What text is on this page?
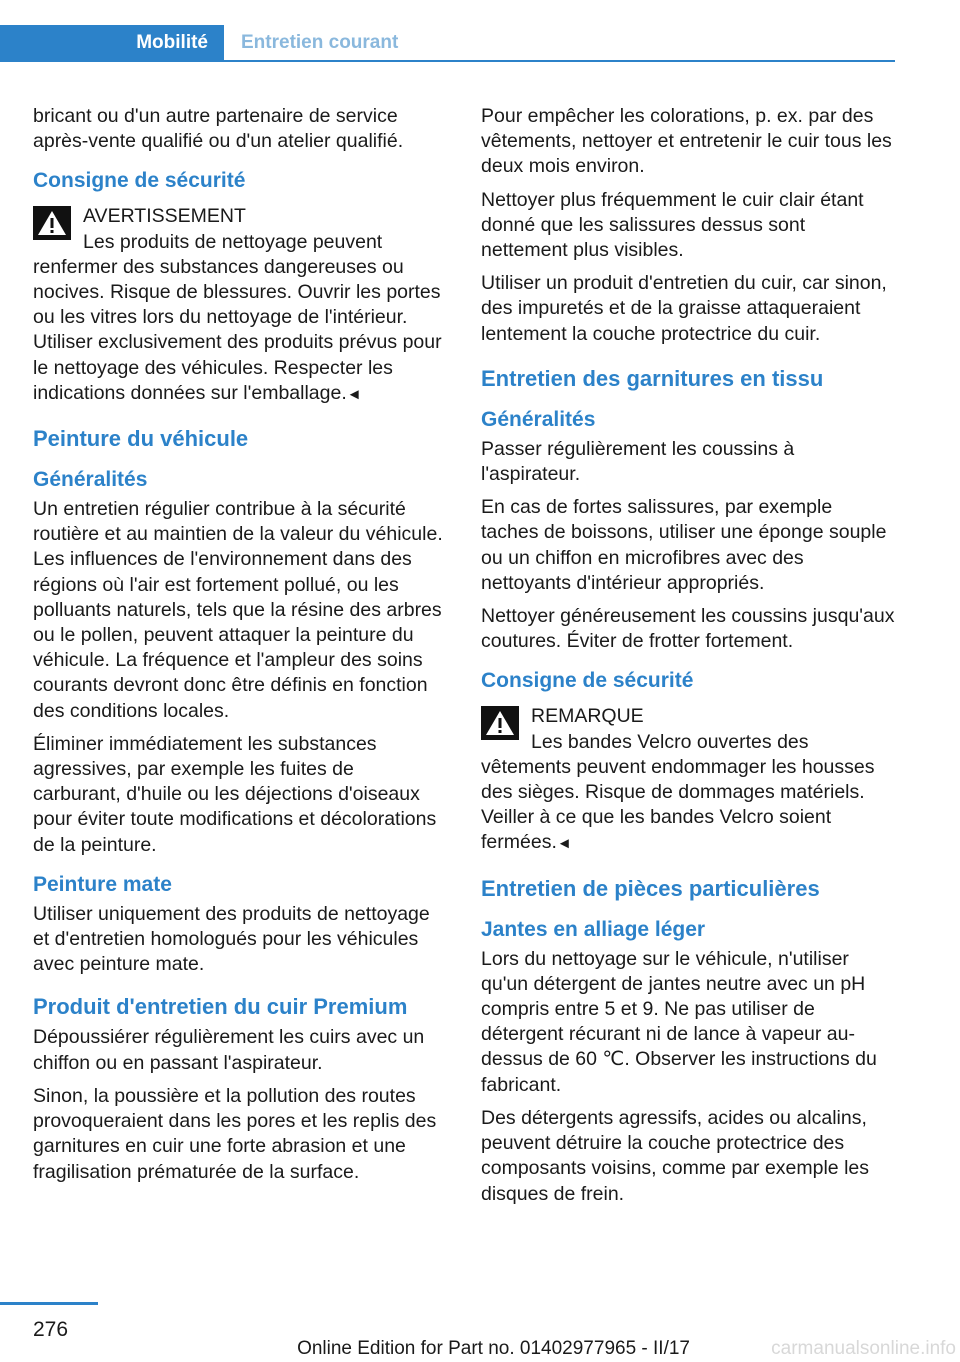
Mobilité	Entretien courant

bricant ou d'un autre partenaire de service après-vente qualifié ou d'un atelier qualifié.

Consigne de sécurité
AVERTISSEMENT
Les produits de nettoyage peuvent renfermer des substances dangereuses ou nocives. Risque de blessures. Ouvrir les portes ou les vitres lors du nettoyage de l'intérieur. Utiliser exclusivement des produits prévus pour le nettoyage des véhicules. Respecter les indications données sur l'emballage.◄
Peinture du véhicule
Généralités

Un entretien régulier contribue à la sécurité routière et au maintien de la valeur du véhicule. Les influences de l'environnement dans des régions où l'air est fortement pollué, ou les polluants naturels, tels que la résine des arbres ou le pollen, peuvent attaquer la peinture du véhicule. La fréquence et l'ampleur des soins courants devront donc être définis en fonction des conditions locales.

Éliminer immédiatement les substances agressives, par exemple les fuites de carburant, d'huile ou les déjections d'oiseaux pour éviter toute modifications et décolorations de la peinture.

Peinture mate

Utiliser uniquement des produits de nettoyage et d'entretien homologués pour les véhicules avec peinture mate.

Produit d'entretien du cuir Premium

Dépoussiérer régulièrement les cuirs avec un chiffon ou en passant l'aspirateur.

Sinon, la poussière et la pollution des routes provoqueraient dans les pores et les replis des garnitures en cuir une forte abrasion et une fragilisation prématurée de la surface.

Pour empêcher les colorations, p. ex. par des vêtements, nettoyer et entretenir le cuir tous les deux mois environ.

Nettoyer plus fréquemment le cuir clair étant donné que les salissures dessus sont nettement plus visibles.

Utiliser un produit d'entretien du cuir, car sinon, des impuretés et de la graisse attaqueraient lentement la couche protectrice du cuir.

Entretien des garnitures en tissu
Généralités

Passer régulièrement les coussins à l'aspirateur.

En cas de fortes salissures, par exemple taches de boissons, utiliser une éponge souple ou un chiffon en microfibres avec des nettoyants d'intérieur appropriés.

Nettoyer généreusement les coussins jusqu'aux coutures. Éviter de frotter fortement.

Consigne de sécurité
REMARQUE
Les bandes Velcro ouvertes des vêtements peuvent endommager les housses des sièges. Risque de dommages matériels. Veiller à ce que les bandes Velcro soient fermées.◄
Entretien de pièces particulières
Jantes en alliage léger

Lors du nettoyage sur le véhicule, n'utiliser qu'un détergent de jantes neutre avec un pH compris entre 5 et 9. Ne pas utiliser de détergent récurant ni de lance à vapeur au-dessus de 60 ℃. Observer les instructions du fabricant.

Des détergents agressifs, acides ou alcalins, peuvent détruire la couche protectrice des composants voisins, comme par exemple les disques de frein.

276
Online Edition for Part no. 01402977965 - II/17	carmanualsonline.info
